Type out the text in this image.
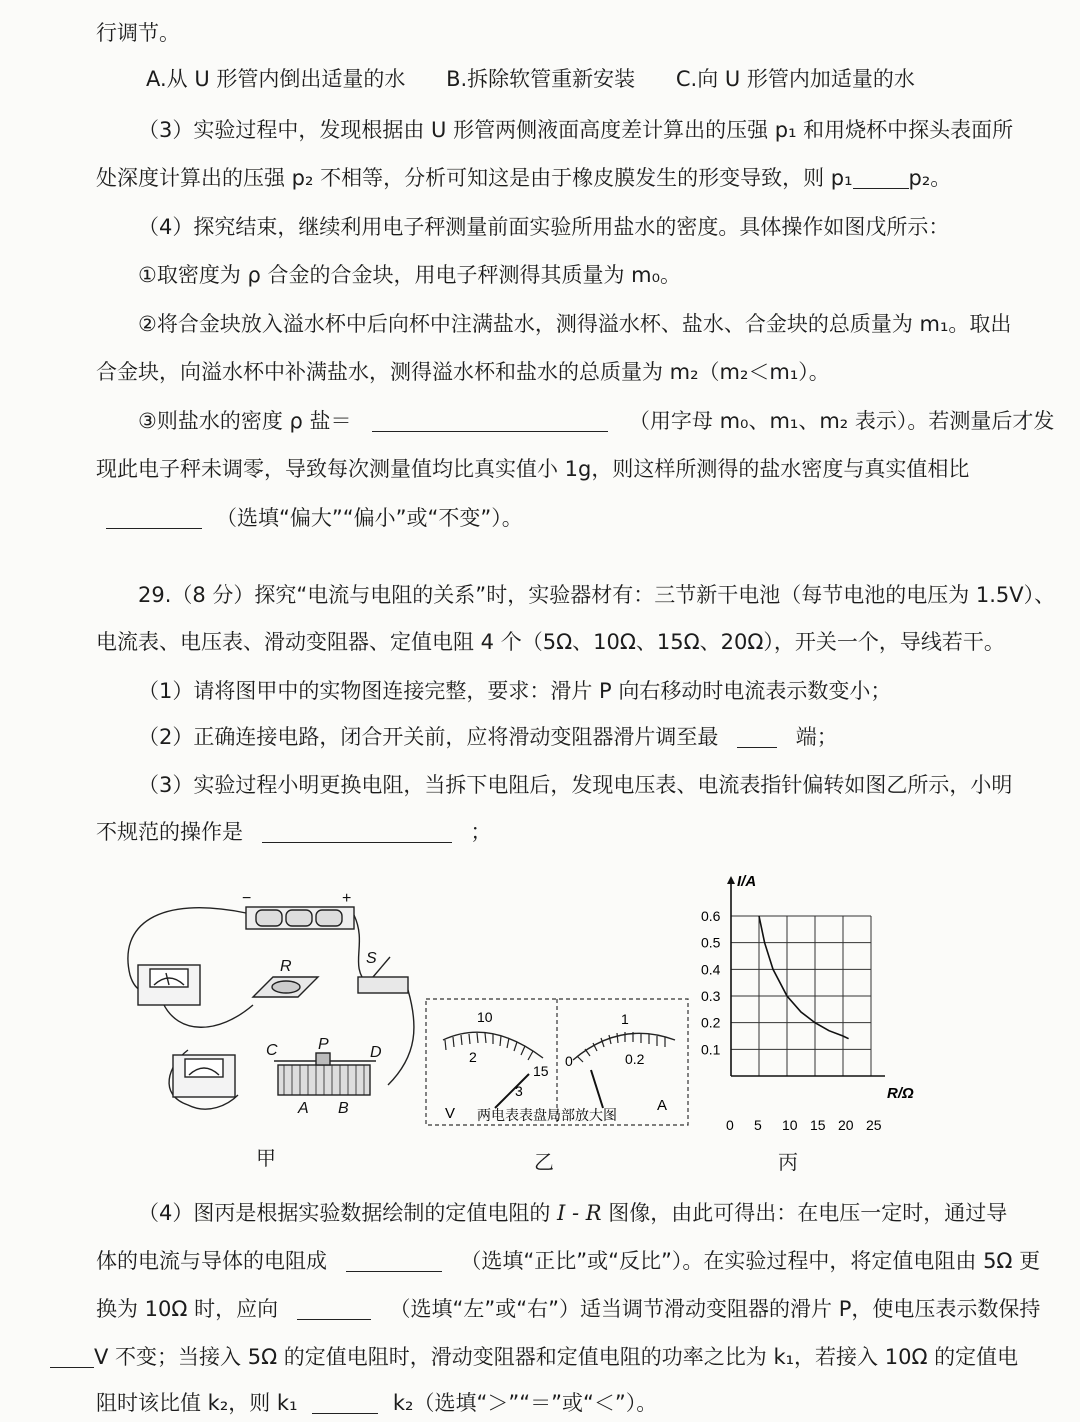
行调节。
A.从 U 形管内倒出适量的水 B.拆除软管重新安装 C.向 U 形管内加适量的水
（3）实验过程中，发现根据由 U 形管两侧液面高度差计算出的压强 p₁ 和用烧杯中探头表面所
处深度计算出的压强 p₂ 不相等，分析可知这是由于橡皮膜发生的形变导致，则 p₁	p₂。
（4）探究结束，继续利用电子秤测量前面实验所用盐水的密度。具体操作如图戊所示：
①取密度为 ρ 合金的合金块，用电子秤测得其质量为 m₀。
②将合金块放入溢水杯中后向杯中注满盐水，测得溢水杯、盐水、合金块的总质量为 m₁。取出
合金块，向溢水杯中补满盐水，测得溢水杯和盐水的总质量为 m₂（m₂＜m₁）。
③则盐水的密度 ρ 盐＝	（用字母 m₀、m₁、m₂ 表示）。若测量后才发
现此电子秤未调零，导致每次测量值均比真实值小 1g，则这样所测得的盐水密度与真实值相比
（选填“偏大”“偏小”或“不变”）。
29.（8 分）探究“电流与电阻的关系”时，实验器材有：三节新干电池（每节电池的电压为 1.5V）、
电流表、电压表、滑动变阻器、定值电阻 4 个（5Ω、10Ω、15Ω、20Ω），开关一个，导线若干。
（1）请将图甲中的实物图连接完整，要求：滑片 P 向右移动时电流表示数变小；
（2）正确连接电路，闭合开关前，应将滑动变阻器滑片调至最	端；
（3）实验过程小明更换电阻，当拆下电阻后，发现电压表、电流表指针偏转如图乙所示，小明
不规范的操作是	；
R	S
C	P	D
A B
−	+
甲
10
2
15
3
V
0
1
0.2
A
两电表表盘局部放大图
乙
0 5 10 15 20 25
0.1
0.2
0.3
0.4
0.5
0.6
I/A
R/Ω
丙
（4）图丙是根据实验数据绘制的定值电阻的 I - R 图像，由此可得出：在电压一定时，通过导
体的电流与导体的电阻成	（选填“正比”或“反比”）。在实验过程中，将定值电阻由 5Ω 更
换为 10Ω 时，应向	（选填“左”或“右”）适当调节滑动变阻器的滑片 P，使电压表示数保持
V 不变；当接入 5Ω 的定值电阻时，滑动变阻器和定值电阻的功率之比为 k₁，若接入 10Ω 的定值电
阻时该比值 k₂，则 k₁	k₂（选填“＞”“＝”或“＜”）。
